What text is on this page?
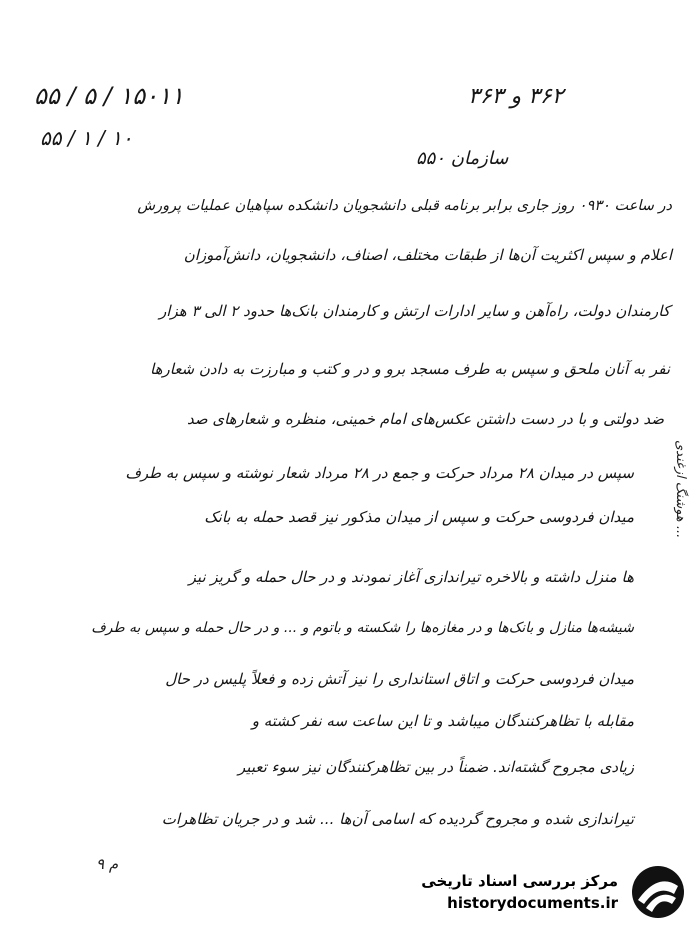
۳۶۲ و ۳۶۳
۱۵۰۱۱ / ۵ / ۵۵
۱۰ / ۱ / ۵۵
سازمان ۵۵۰
در ساعت ۰۹۳۰ روز جاری برابر برنامه قبلی دانشجویان دانشکده سپاهیان عملیات پرورش
اعلام و سپس اکثریت آن‌ها از طبقات مختلف، اصناف، دانشجویان، دانش‌آموزان
کارمندان دولت، راه‌آهن و سایر ادارات ارتش و کارمندان بانک‌ها حدود ۲ الی ۳ هزار
نفر به آنان ملحق و سپس به طرف مسجد برو و در و کتب و مبارزت به دادن شعارها
ضد دولتی و با در دست داشتن عکس‌های امام خمینی، منظره و شعارهای صد
سپس در میدان ۲۸ مرداد حرکت و جمع در ۲۸ مرداد شعار نوشته و سپس به طرف
میدان فردوسی حرکت و سپس از میدان مذکور نیز قصد حمله به بانک
ها منزل داشته و بالاخره تیراندازی آغاز نمودند و در حال حمله و گریز نیز
شیشه‌ها منازل و بانک‌ها و در مغازه‌ها را شکسته و باتوم و ... و در حال حمله و سپس به طرف
میدان فردوسی حرکت و اتاق استانداری را نیز آتش زده و فعلاً پلیس در حال
مقابله با تظاهرکنندگان میباشد و تا این ساعت سه نفر کشته و
زیادی مجروح گشته‌اند. ضمناً در بین تظاهرکنندگان نیز سوء تعبیر
تیراندازی شده و مجروح گردیده که اسامی آن‌ها ... شد و در جریان تظاهرات
هوشنگ ازغندی ...
۹ م
مرکز بررسی اسناد تاریخی
historydocuments.ir
